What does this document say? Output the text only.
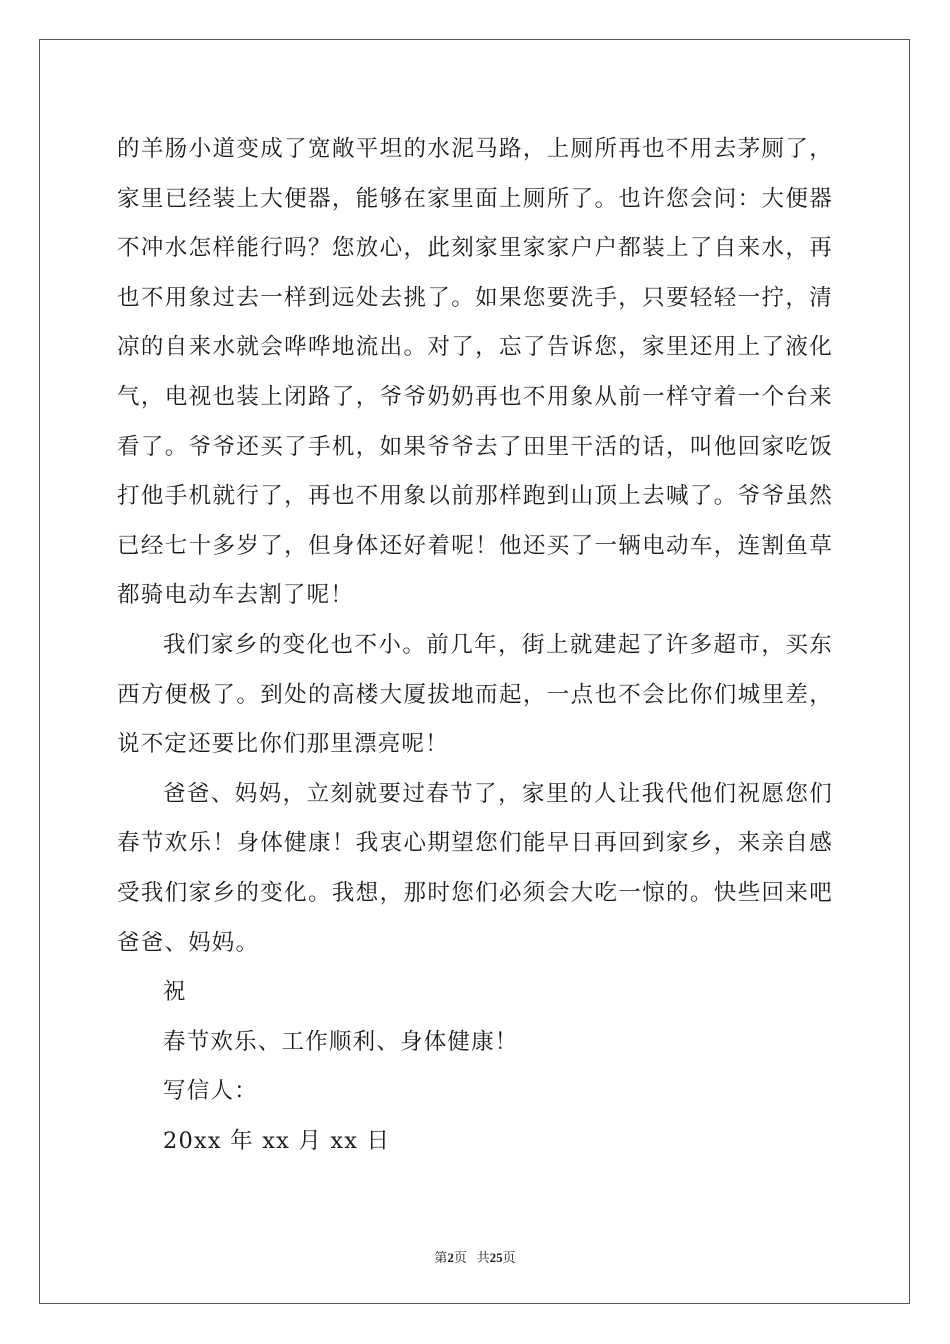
的羊肠小道变成了宽敞平坦的水泥马路，上厕所再也不用去茅厕了，
家里已经装上大便器，能够在家里面上厕所了。也许您会问：大便器
不冲水怎样能行吗？您放心，此刻家里家家户户都装上了自来水，再
也不用象过去一样到远处去挑了。如果您要洗手，只要轻轻一拧，清
凉的自来水就会哗哗地流出。对了，忘了告诉您，家里还用上了液化
气，电视也装上闭路了，爷爷奶奶再也不用象从前一样守着一个台来
看了。爷爷还买了手机，如果爷爷去了田里干活的话，叫他回家吃饭
打他手机就行了，再也不用象以前那样跑到山顶上去喊了。爷爷虽然
已经七十多岁了，但身体还好着呢！他还买了一辆电动车，连割鱼草
都骑电动车去割了呢！
我们家乡的变化也不小。前几年，街上就建起了许多超市，买东
西方便极了。到处的高楼大厦拔地而起，一点也不会比你们城里差，
说不定还要比你们那里漂亮呢！
爸爸、妈妈，立刻就要过春节了，家里的人让我代他们祝愿您们
春节欢乐！身体健康！我衷心期望您们能早日再回到家乡，来亲自感
受我们家乡的变化。我想，那时您们必须会大吃一惊的。快些回来吧
爸爸、妈妈。
祝
春节欢乐、工作顺利、身体健康！
写信人：
20xx 年 xx 月 xx 日
第2页 共25页
